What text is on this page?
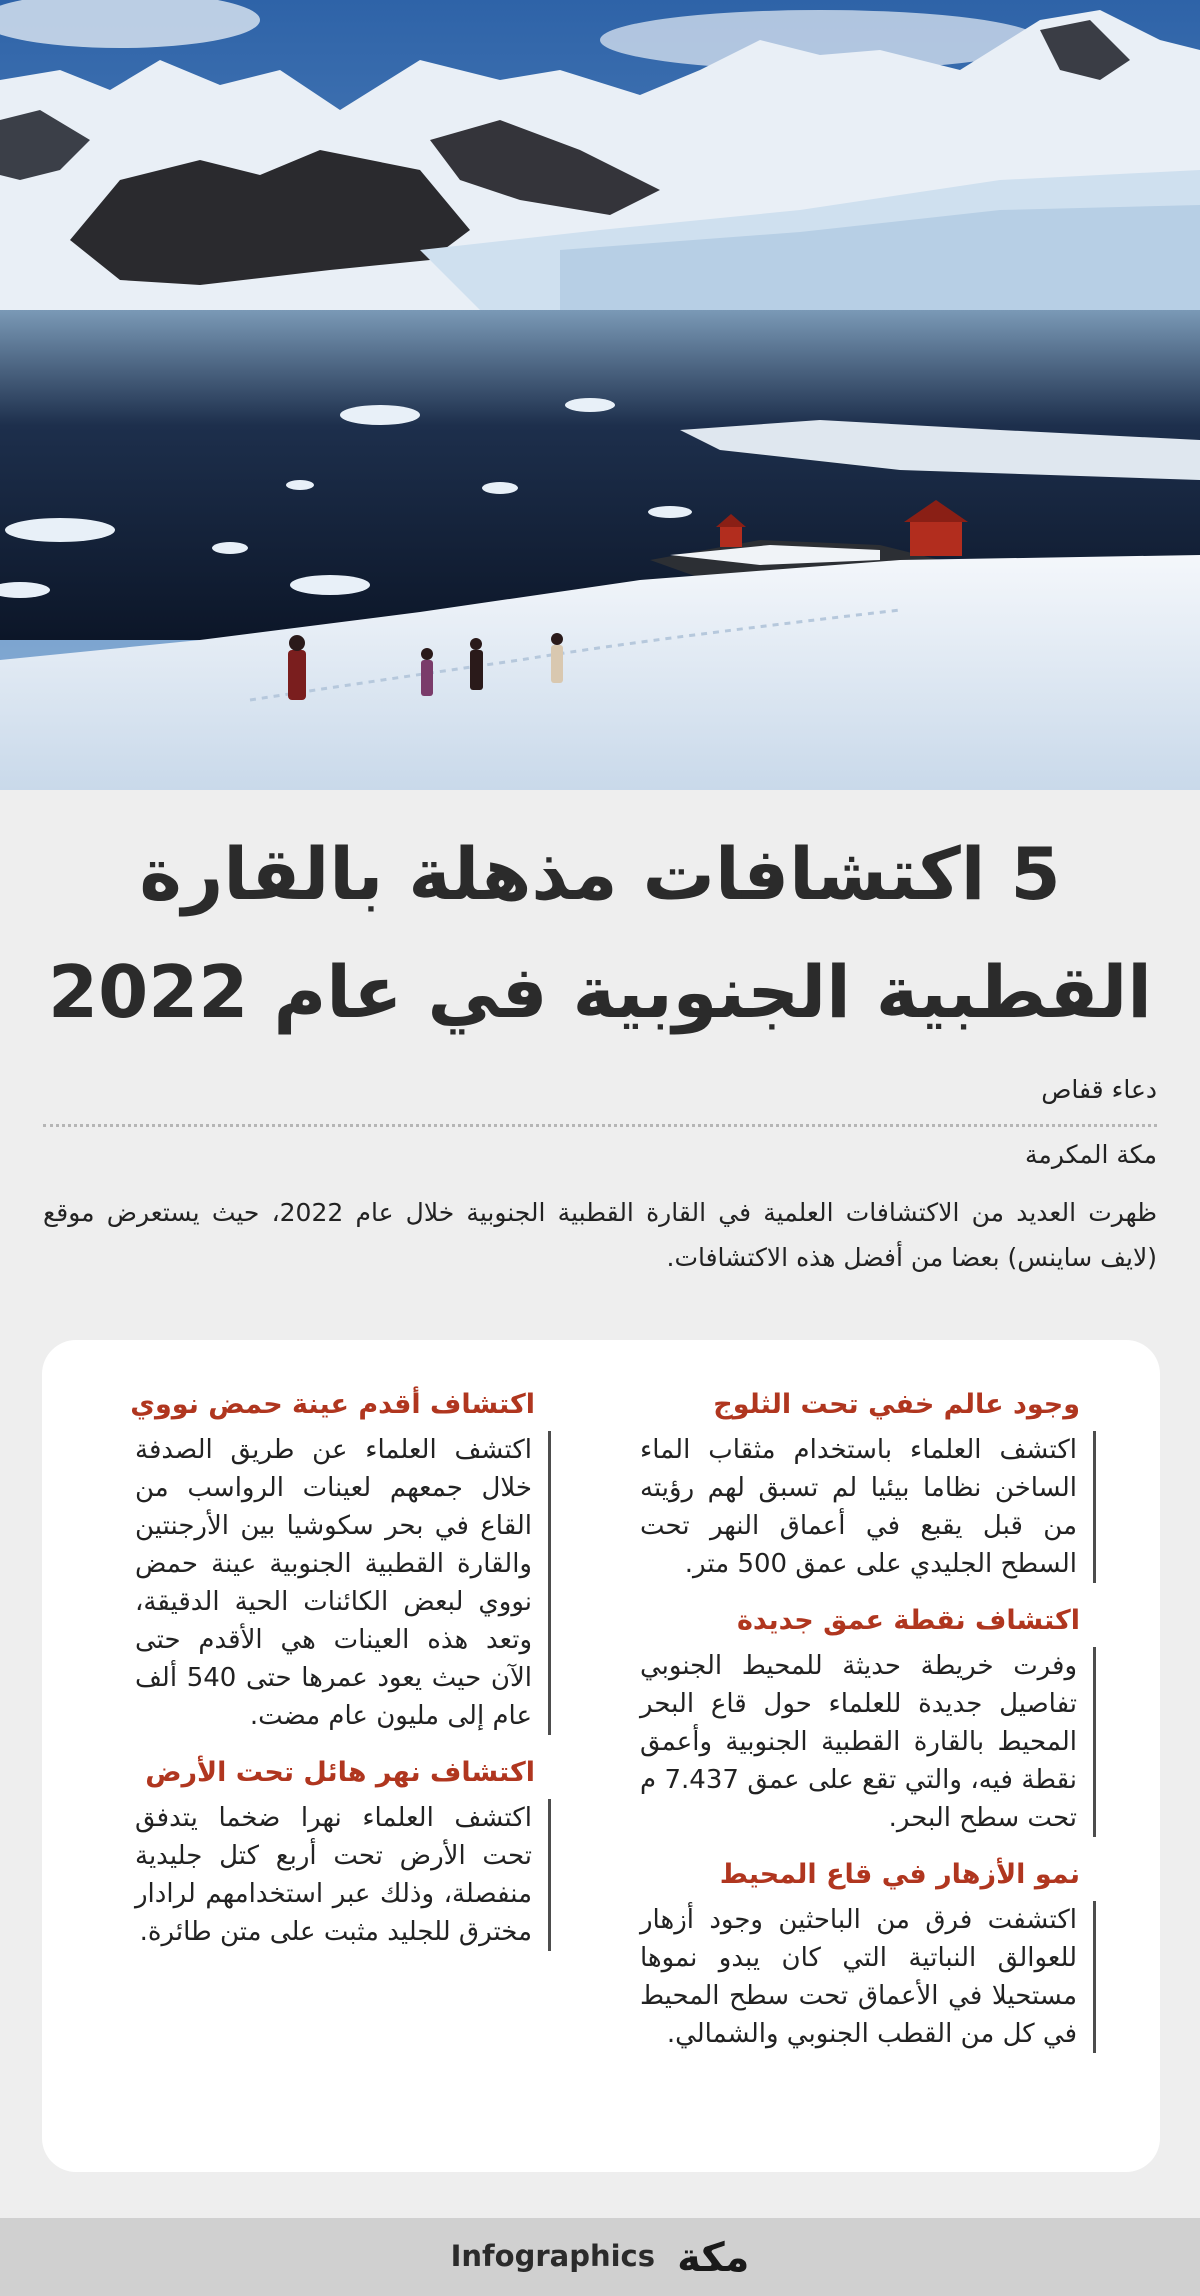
5 اكتشافات مذهلة بالقارة
القطبية الجنوبية في عام 2022
دعاء قفاص
مكة المكرمة
ظهرت العديد من الاكتشافات العلمية في القارة القطبية الجنوبية خلال عام 2022، حيث يستعرض موقع (لايف ساينس) بعضا من أفضل هذه الاكتشافات.
وجود عالم خفي تحت الثلوج
اكتشف العلماء باستخدام مثقاب الماء الساخن نظاما بيئيا لم تسبق لهم رؤيته من قبل يقبع في أعماق النهر تحت السطح الجليدي على عمق 500 متر.
اكتشاف نقطة عمق جديدة
وفرت خريطة حديثة للمحيط الجنوبي تفاصيل جديدة للعلماء حول قاع البحر المحيط بالقارة القطبية الجنوبية وأعمق نقطة فيه، والتي تقع على عمق 7.437 م تحت سطح البحر.
نمو الأزهار في قاع المحيط
اكتشفت فرق من الباحثين وجود أزهار للعوالق النباتية التي كان يبدو نموها مستحيلا في الأعماق تحت سطح المحيط في كل من القطب الجنوبي والشمالي.
اكتشاف أقدم عينة حمض نووي
اكتشف العلماء عن طريق الصدفة خلال جمعهم لعينات الرواسب من القاع في بحر سكوشيا بين الأرجنتين والقارة القطبية الجنوبية عينة حمض نووي لبعض الكائنات الحية الدقيقة، وتعد هذه العينات هي الأقدم حتى الآن حيث يعود عمرها حتى 540 ألف عام إلى مليون عام مضت.
اكتشاف نهر هائل تحت الأرض
اكتشف العلماء نهرا ضخما يتدفق تحت الأرض تحت أربع كتل جليدية منفصلة، وذلك عبر استخدامهم لرادار مخترق للجليد مثبت على متن طائرة.
Infographics مكة
